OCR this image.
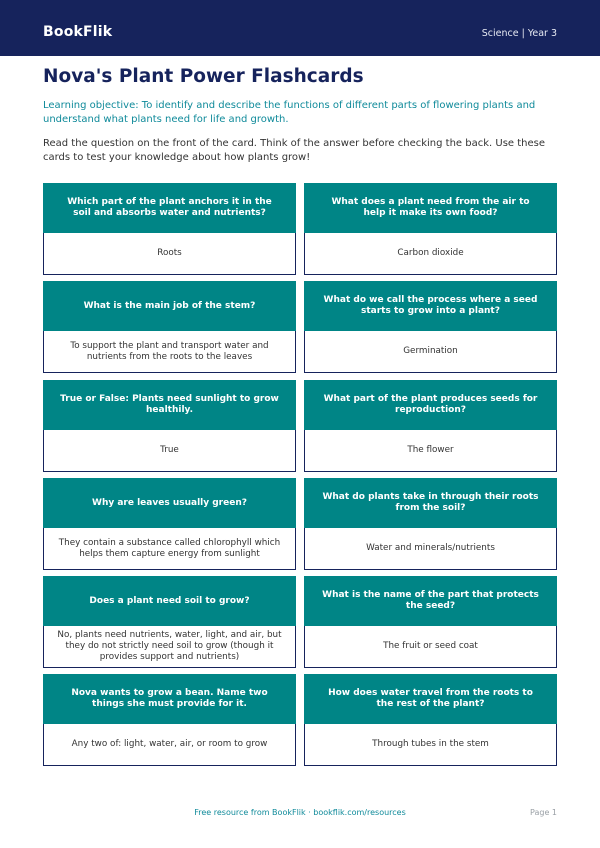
BookFlik	Science | Year 3
Nova's Plant Power Flashcards
Learning objective: To identify and describe the functions of different parts of flowering plants and understand what plants need for life and growth.
Read the question on the front of the card. Think of the answer before checking the back. Use these cards to test your knowledge about how plants grow!
Which part of the plant anchors it in the soil and absorbs water and nutrients?
Roots
What does a plant need from the air to help it make its own food?
Carbon dioxide
What is the main job of the stem?
To support the plant and transport water and nutrients from the roots to the leaves
What do we call the process where a seed starts to grow into a plant?
Germination
True or False: Plants need sunlight to grow healthily.
True
What part of the plant produces seeds for reproduction?
The flower
Why are leaves usually green?
They contain a substance called chlorophyll which helps them capture energy from sunlight
What do plants take in through their roots from the soil?
Water and minerals/nutrients
Does a plant need soil to grow?
No, plants need nutrients, water, light, and air, but they do not strictly need soil to grow (though it provides support and nutrients)
What is the name of the part that protects the seed?
The fruit or seed coat
Nova wants to grow a bean. Name two things she must provide for it.
Any two of: light, water, air, or room to grow
How does water travel from the roots to the rest of the plant?
Through tubes in the stem
Free resource from BookFlik · bookflik.com/resources	Page 1
